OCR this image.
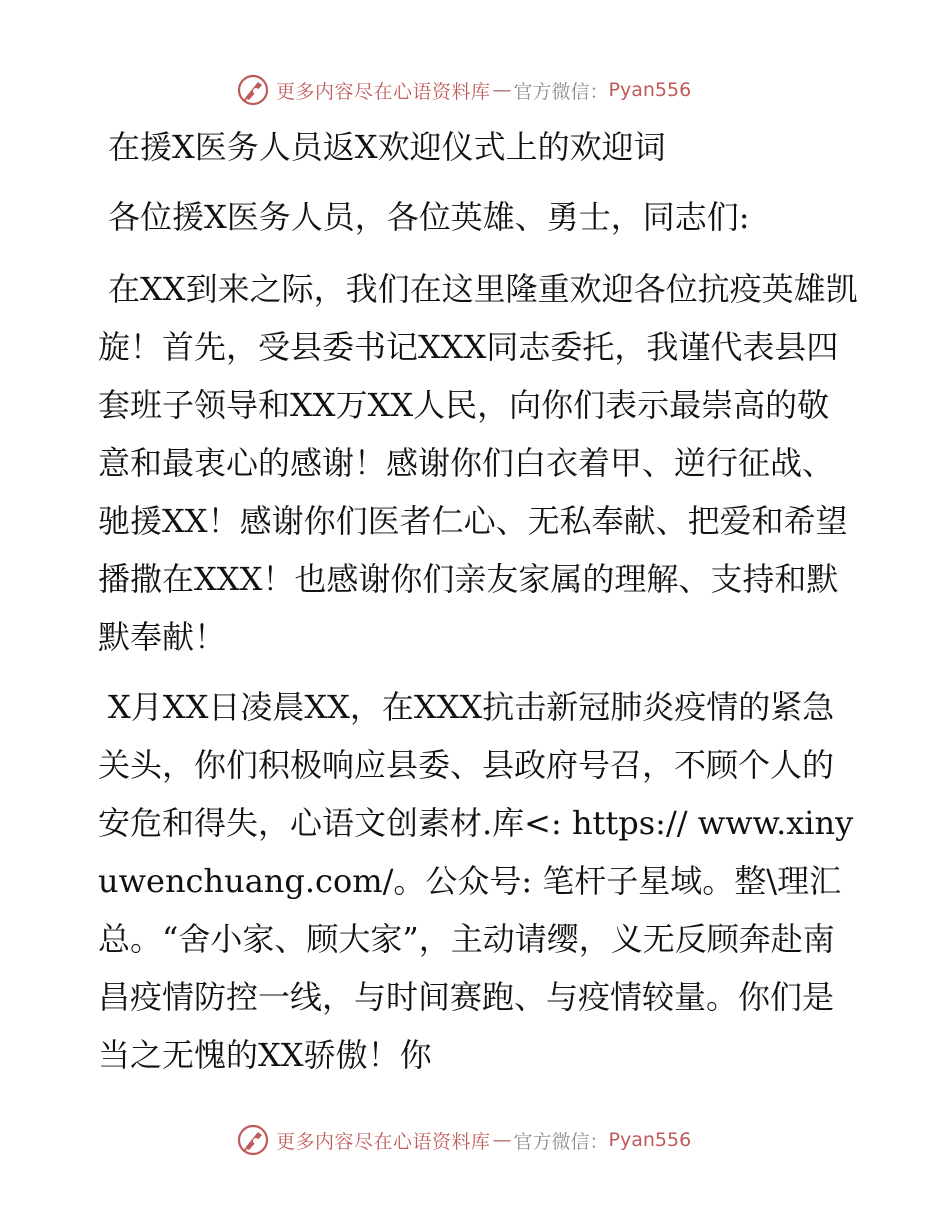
更多内容尽在心语资料库 — 官方微信： Pyan556
在援X医务人员返X欢迎仪式上的欢迎词
各位援X医务人员，各位英雄、勇士，同志们:
在XX到来之际，我们在这里隆重欢迎各位抗疫英雄凯旋！首先，受县委书记XXX同志委托，我谨代表县四套班子领导和XX万XX人民，向你们表示最崇高的敬意和最衷心的感谢！感谢你们白衣着甲、逆行征战、驰援XX！感谢你们医者仁心、无私奉献、把爱和希望播撒在XXX！也感谢你们亲友家属的理解、支持和默默奉献！
X月XX日凌晨XX，在XXX抗击新冠肺炎疫情的紧急关头，你们积极响应县委、县政府号召，不顾个人的安危和得失，心语文创素材.库<: https:// www.xinyuwenchuang.com/。公众号: 笔杆子星域。整\理汇总。“舍小家、顾大家”，主动请缨，义无反顾奔赴南昌疫情防控一线，与时间赛跑、与疫情较量。你们是当之无愧的XX骄傲！你
更多内容尽在心语资料库 — 官方微信： Pyan556
